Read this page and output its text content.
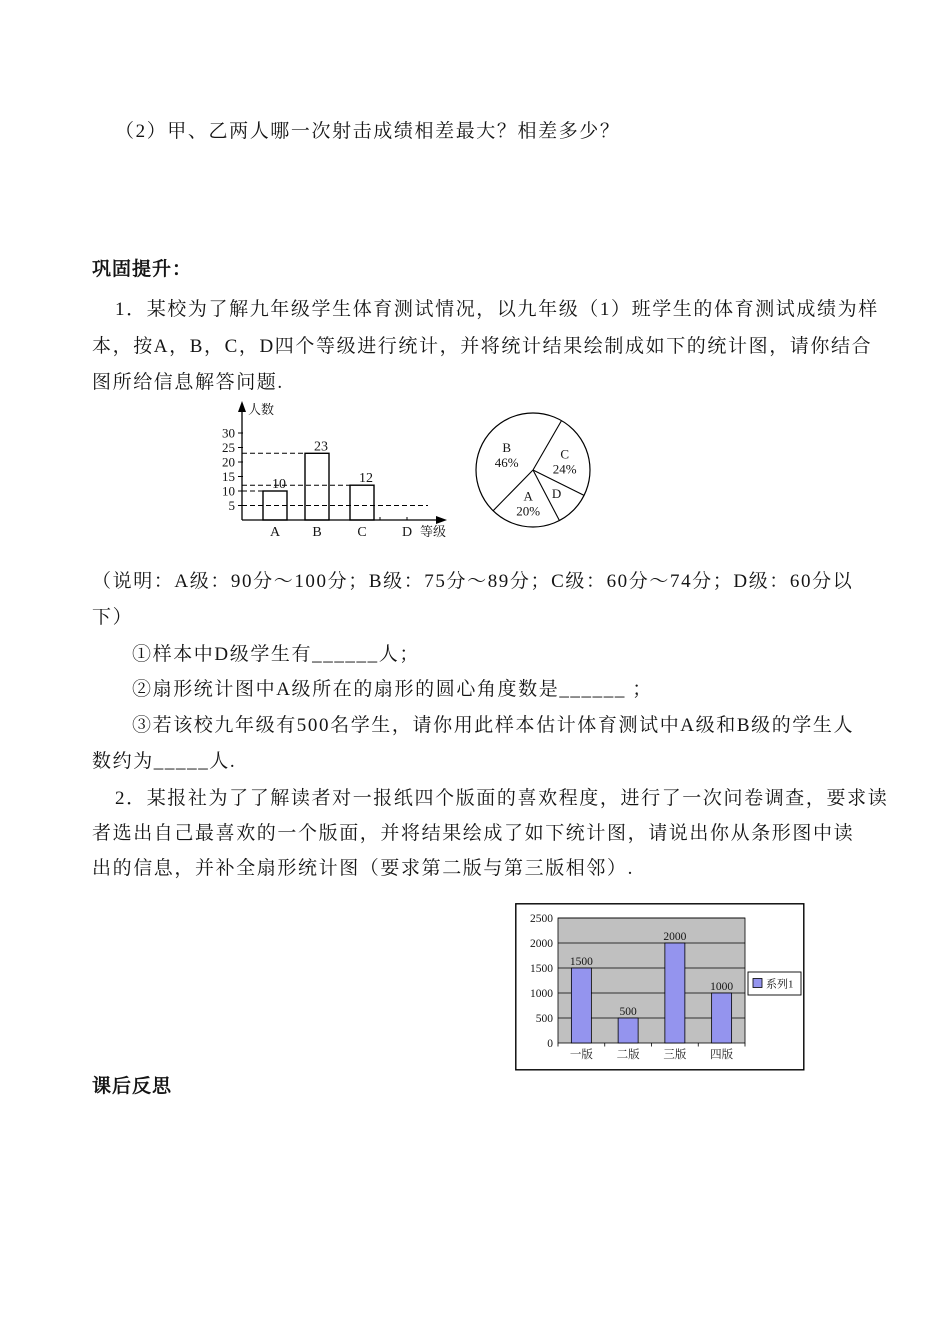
（2）甲、乙两人哪一次射击成绩相差最大？相差多少？
巩固提升：
1．某校为了解九年级学生体育测试情况，以九年级（1）班学生的体育测试成绩为样
本，按A，B，C，D四个等级进行统计，并将统计结果绘制成如下的统计图，请你结合
图所给信息解答问题.
人数
等级
5
10
15
20
25
30
10
23
12
A B	C	D
C
24%
D
A
20%
B
46%
（说明：A级：90分～100分；B级：75分～89分；C级：60分～74分；D级：60分以
下）
①样本中D级学生有______人；
②扇形统计图中A级所在的扇形的圆心角度数是______ ；
③若该校九年级有500名学生，请你用此样本估计体育测试中A级和B级的学生人
数约为_____人.
2．某报社为了了解读者对一报纸四个版面的喜欢程度，进行了一次问卷调查，要求读
者选出自己最喜欢的一个版面，并将结果绘成了如下统计图，请说出你从条形图中读
出的信息，并补全扇形统计图（要求第二版与第三版相邻）.
0
500
1000
1500
2000
2500
1500
一版
500
二版
2000
三版
1000
四版
系列1
课后反思
